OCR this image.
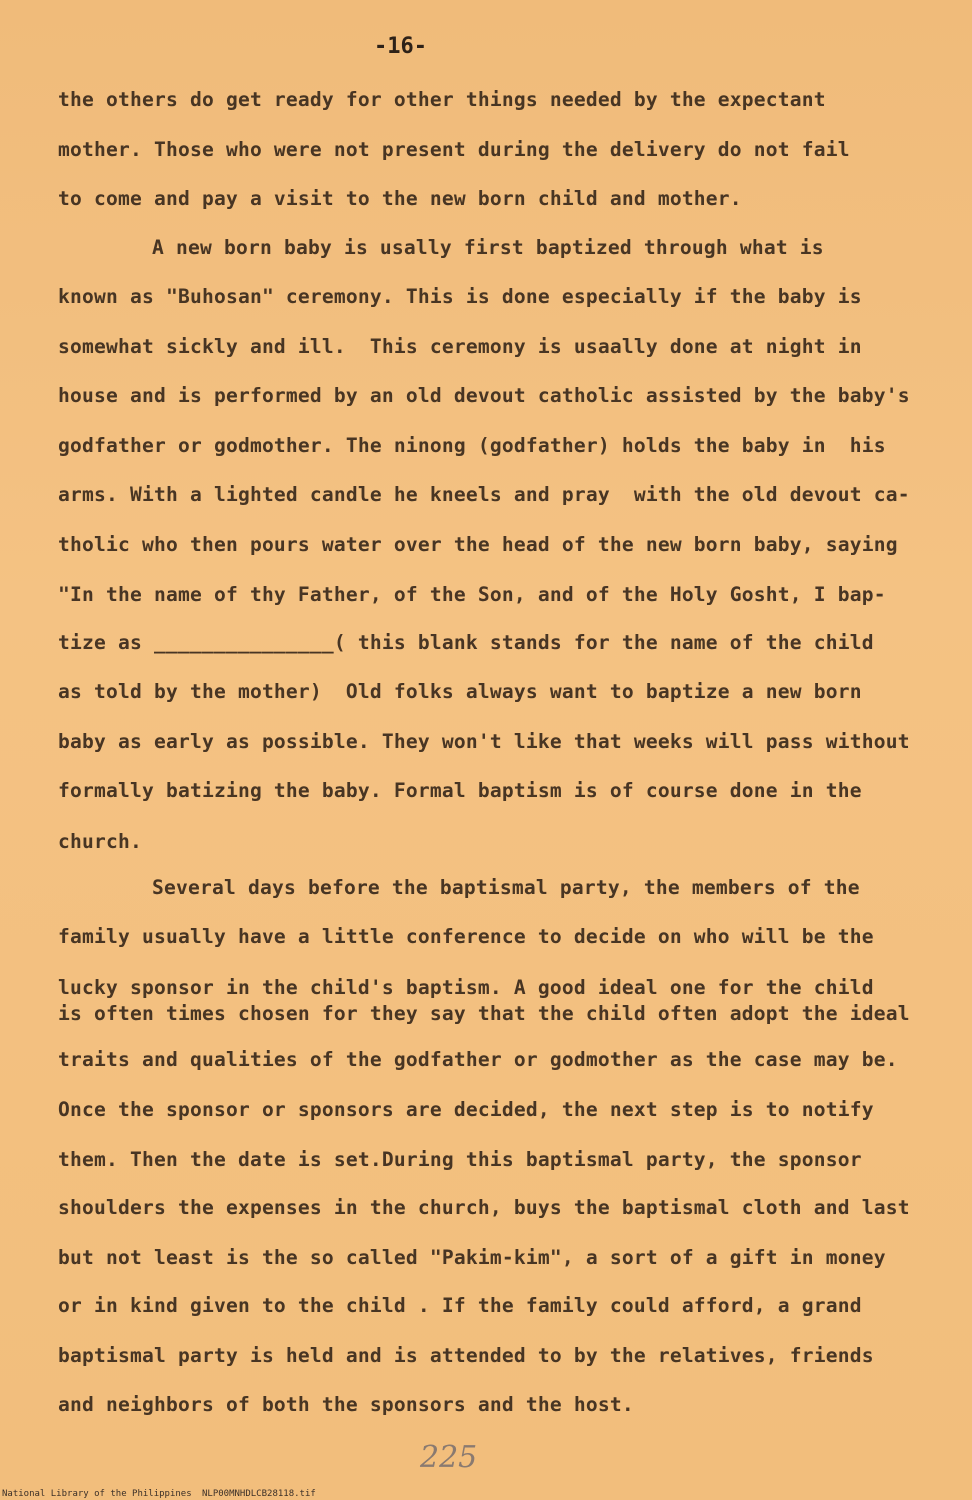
-16-
the others do get ready for other things needed by the expectant
mother. Those who were not present during the delivery do not fail
to come and pay a visit to the new born child and mother.
A new born baby is usally first baptized through what is
known as "Buhosan" ceremony. This is done especially if the baby is
somewhat sickly and ill.  This ceremony is usaally done at night in
house and is performed by an old devout catholic assisted by the baby's
godfather or godmother. The ninong (godfather) holds the baby in  his
arms. With a lighted candle he kneels and pray  with the old devout ca-
tholic who then pours water over the head of the new born baby, saying
"In the name of thy Father, of the Son, and of the Holy Gosht, I bap-
tize as _______________( this blank stands for the name of the child
as told by the mother)  Old folks always want to baptize a new born
baby as early as possible. They won't like that weeks will pass without
formally batizing the baby. Formal baptism is of course done in the
church.
Several days before the baptismal party, the members of the
family usually have a little conference to decide on who will be the
lucky sponsor in the child's baptism. A good ideal one for the child
is often times chosen for they say that the child often adopt the ideal
traits and qualities of the godfather or godmother as the case may be.
Once the sponsor or sponsors are decided, the next step is to notify
them. Then the date is set.During this baptismal party, the sponsor
shoulders the expenses in the church, buys the baptismal cloth and last
but not least is the so called "Pakim-kim", a sort of a gift in money
or in kind given to the child . If the family could afford, a grand
baptismal party is held and is attended to by the relatives, friends
and neighbors of both the sponsors and the host.
225

National Library of the Philippines

NLP00MNHDLCB28118.tif
